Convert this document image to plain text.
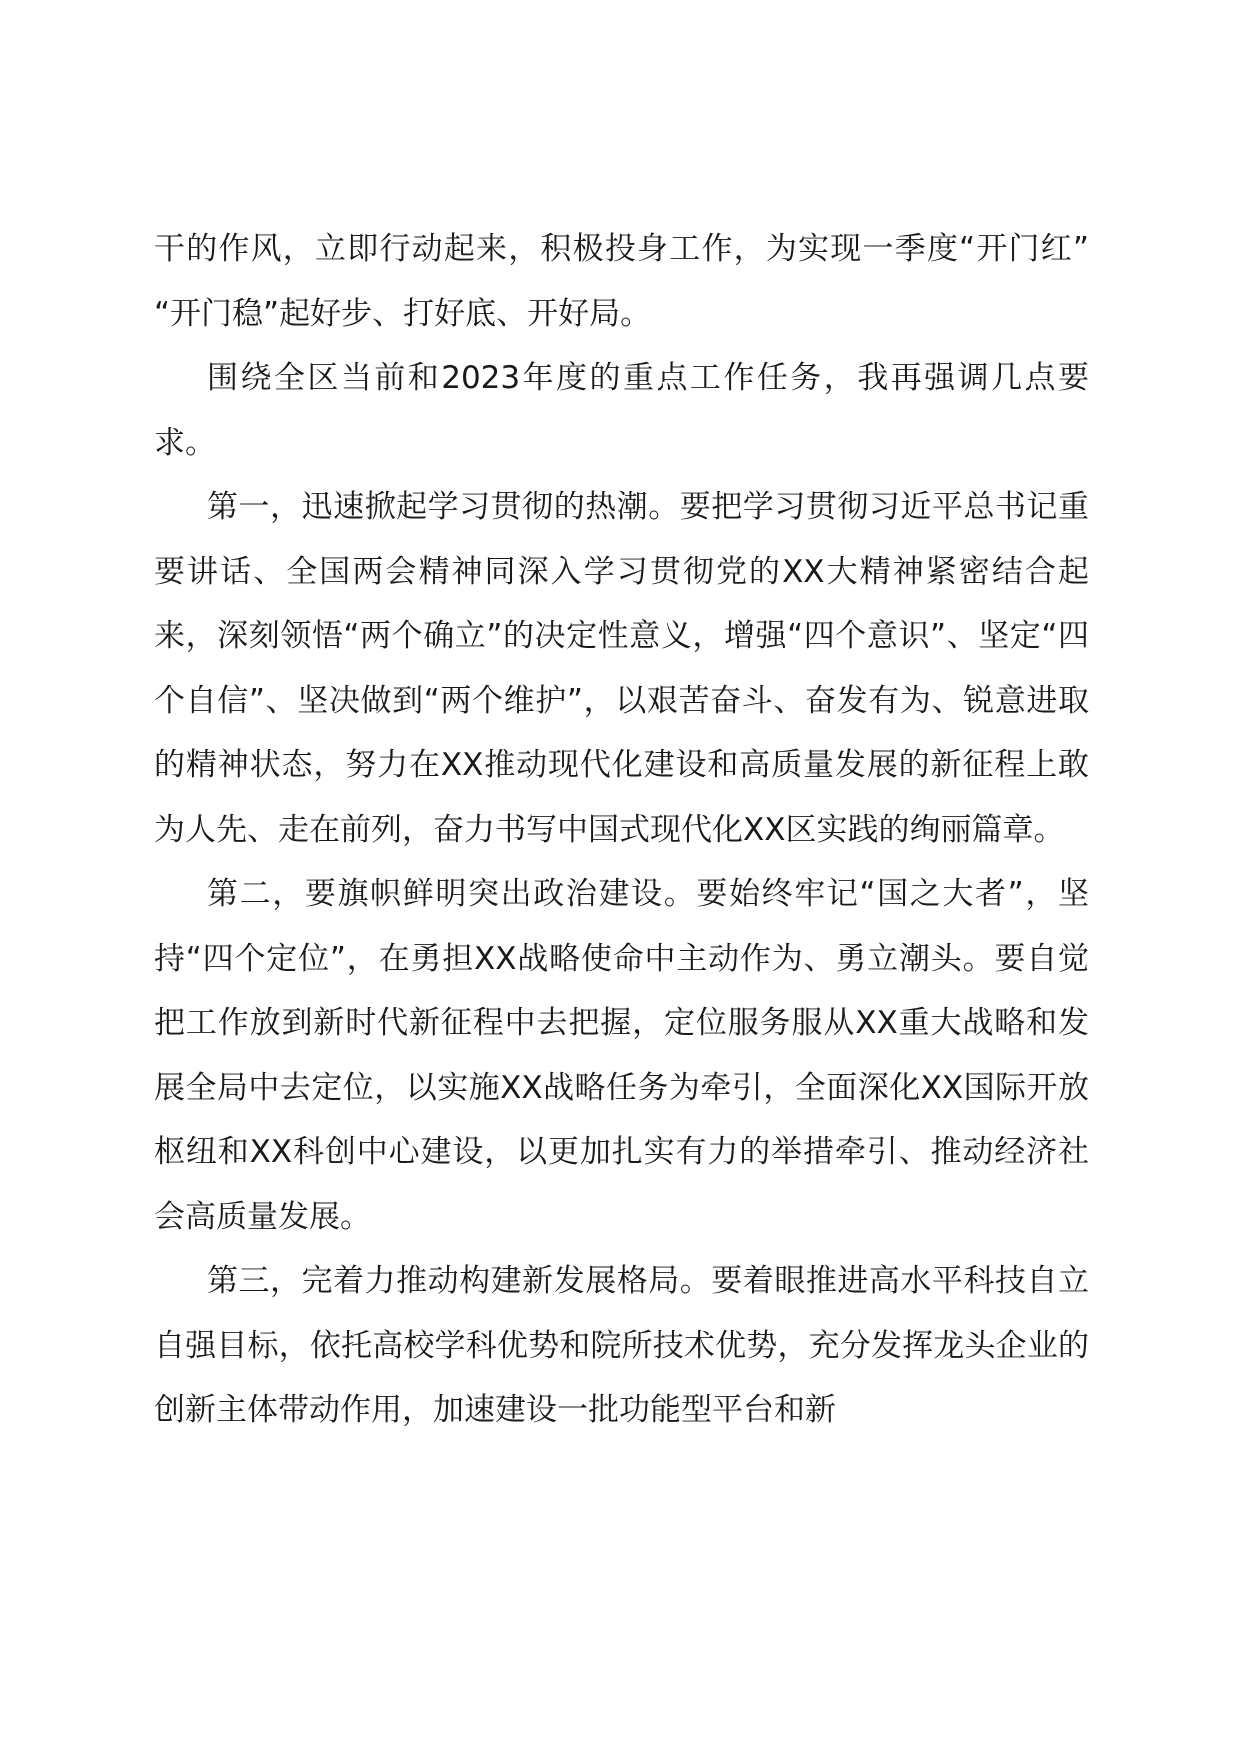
干的作风，立即行动起来，积极投身工作，为实现一季度“开门红” “开门稳”起好步、打好底、开好局。

围绕全区当前和2023年度的重点工作任务，我再强调几点要求。

第一，迅速掀起学习贯彻的热潮。要把学习贯彻习近平总书记重要讲话、全国两会精神同深入学习贯彻党的XX大精神紧密结合起来，深刻领悟“两个确立”的决定性意义，增强“四个意识”、坚定“四个自信”、坚决做到“两个维护”，以艰苦奋斗、奋发有为、锐意进取的精神状态，努力在XX推动现代化建设和高质量发展的新征程上敢为人先、走在前列，奋力书写中国式现代化XX区实践的绚丽篇章。

第二，要旗帜鲜明突出政治建设。要始终牢记“国之大者”，坚持“四个定位”，在勇担XX战略使命中主动作为、勇立潮头。要自觉把工作放到新时代新征程中去把握，定位服务服从XX重大战略和发展全局中去定位，以实施XX战略任务为牵引，全面深化XX国际开放枢纽和XX科创中心建设，以更加扎实有力的举措牵引、推动经济社会高质量发展。

第三，完着力推动构建新发展格局。要着眼推进高水平科技自立自强目标，依托高校学科优势和院所技术优势，充分发挥龙头企业的创新主体带动作用，加速建设一批功能型平台和新
